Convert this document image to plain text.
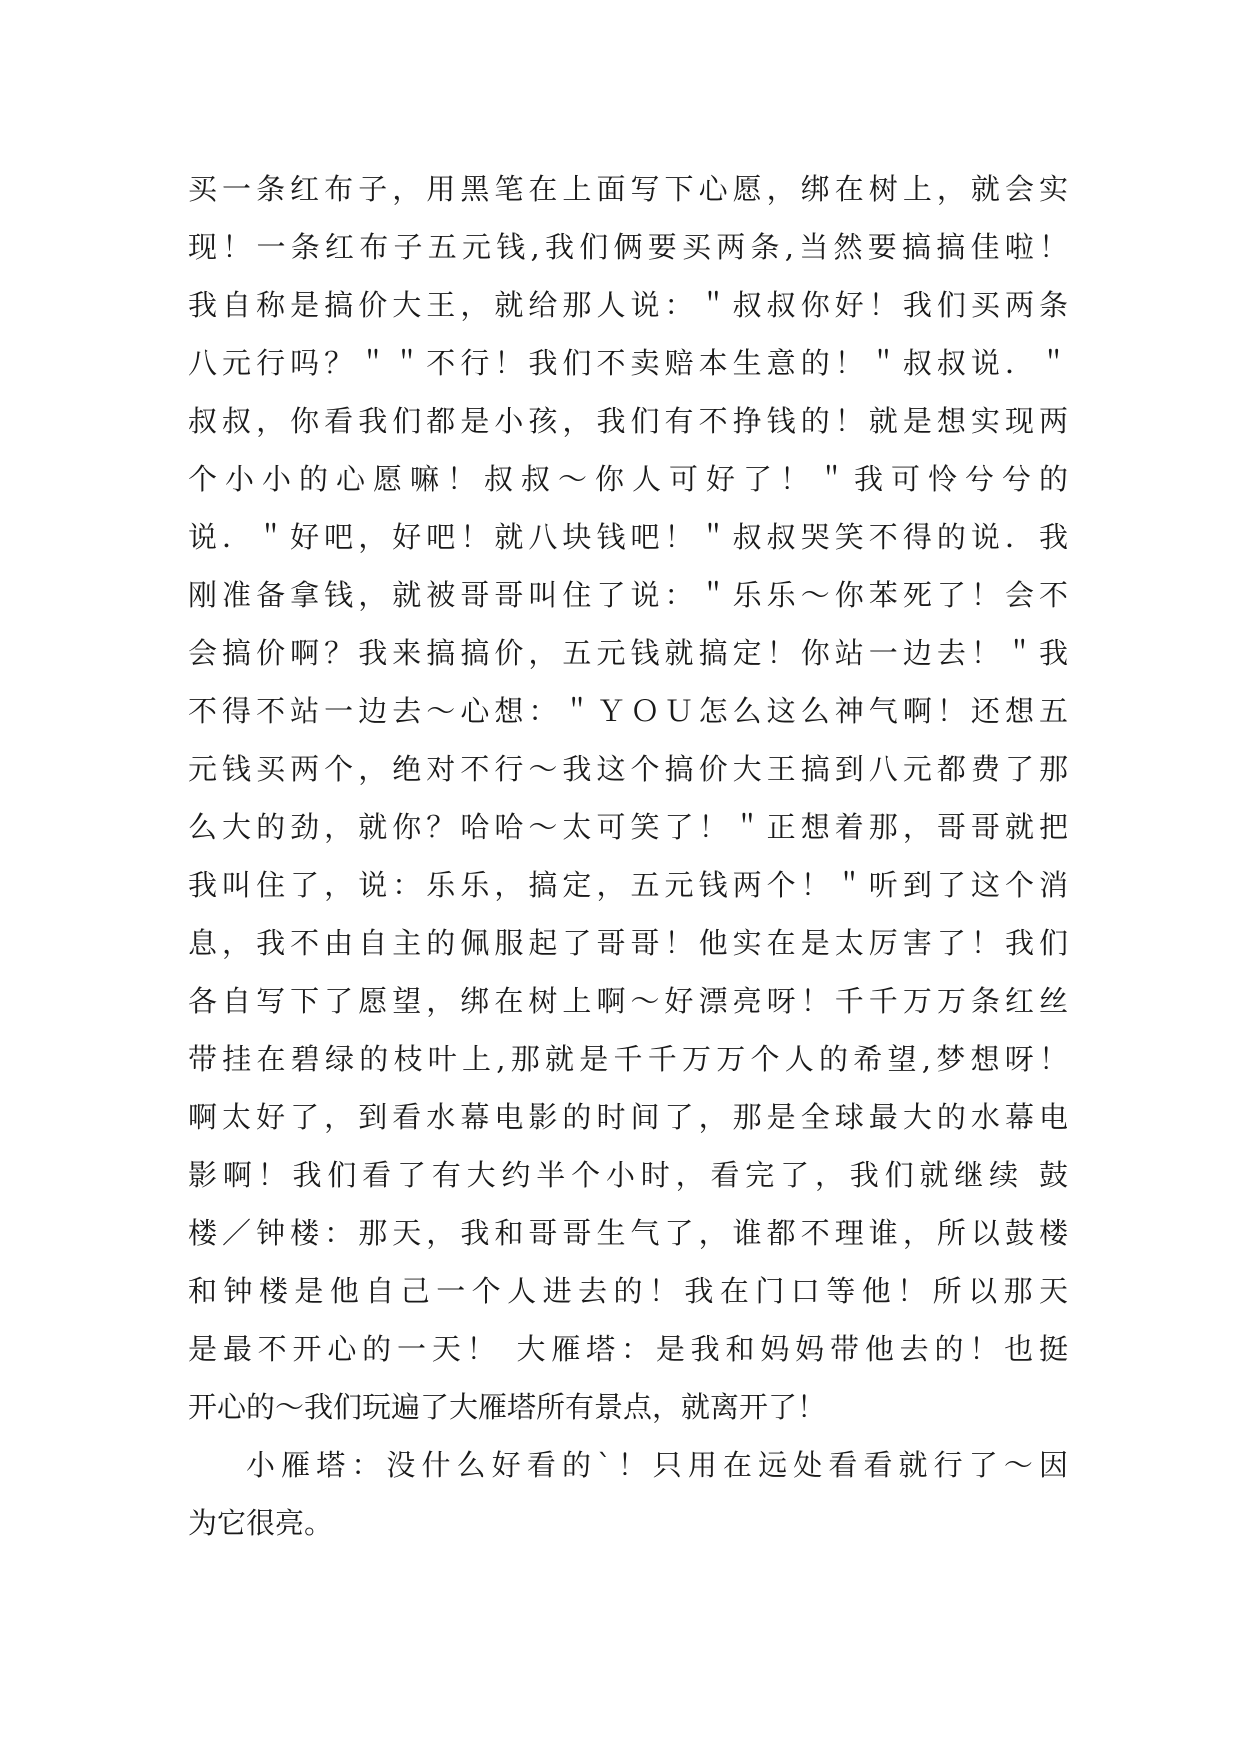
买一条红布子，用黑笔在上面写下心愿，绑在树上，就会实
现！一条红布子五元钱,我们俩要买两条,当然要搞搞佳啦！
我自称是搞价大王，就给那人说：＂叔叔你好！我们买两条
八元行吗？＂＂不行！我们不卖赔本生意的！＂叔叔说．＂
叔叔，你看我们都是小孩，我们有不挣钱的！就是想实现两
个小小的心愿嘛！叔叔～你人可好了！＂我可怜兮兮的
说．＂好吧，好吧！就八块钱吧！＂叔叔哭笑不得的说．我
刚准备拿钱，就被哥哥叫住了说：＂乐乐～你苯死了！会不
会搞价啊？我来搞搞价，五元钱就搞定！你站一边去！＂我
不得不站一边去～心想：＂ＹＯＵ怎么这么神气啊！还想五
元钱买两个，绝对不行～我这个搞价大王搞到八元都费了那
么大的劲，就你？哈哈～太可笑了！＂正想着那，哥哥就把
我叫住了，说：乐乐，搞定，五元钱两个！＂听到了这个消
息，我不由自主的佩服起了哥哥！他实在是太厉害了！我们
各自写下了愿望，绑在树上啊～好漂亮呀！千千万万条红丝
带挂在碧绿的枝叶上,那就是千千万万个人的希望,梦想呀！
啊太好了，到看水幕电影的时间了，那是全球最大的水幕电
影啊！我们看了有大约半个小时，看完了，我们就继续 鼓
楼／钟楼：那天，我和哥哥生气了，谁都不理谁，所以鼓楼
和钟楼是他自己一个人进去的！我在门口等他！所以那天
是最不开心的一天！ 大雁塔：是我和妈妈带他去的！也挺
开心的～我们玩遍了大雁塔所有景点，就离开了！
小雁塔：没什么好看的`！只用在远处看看就行了～因
为它很亮。
